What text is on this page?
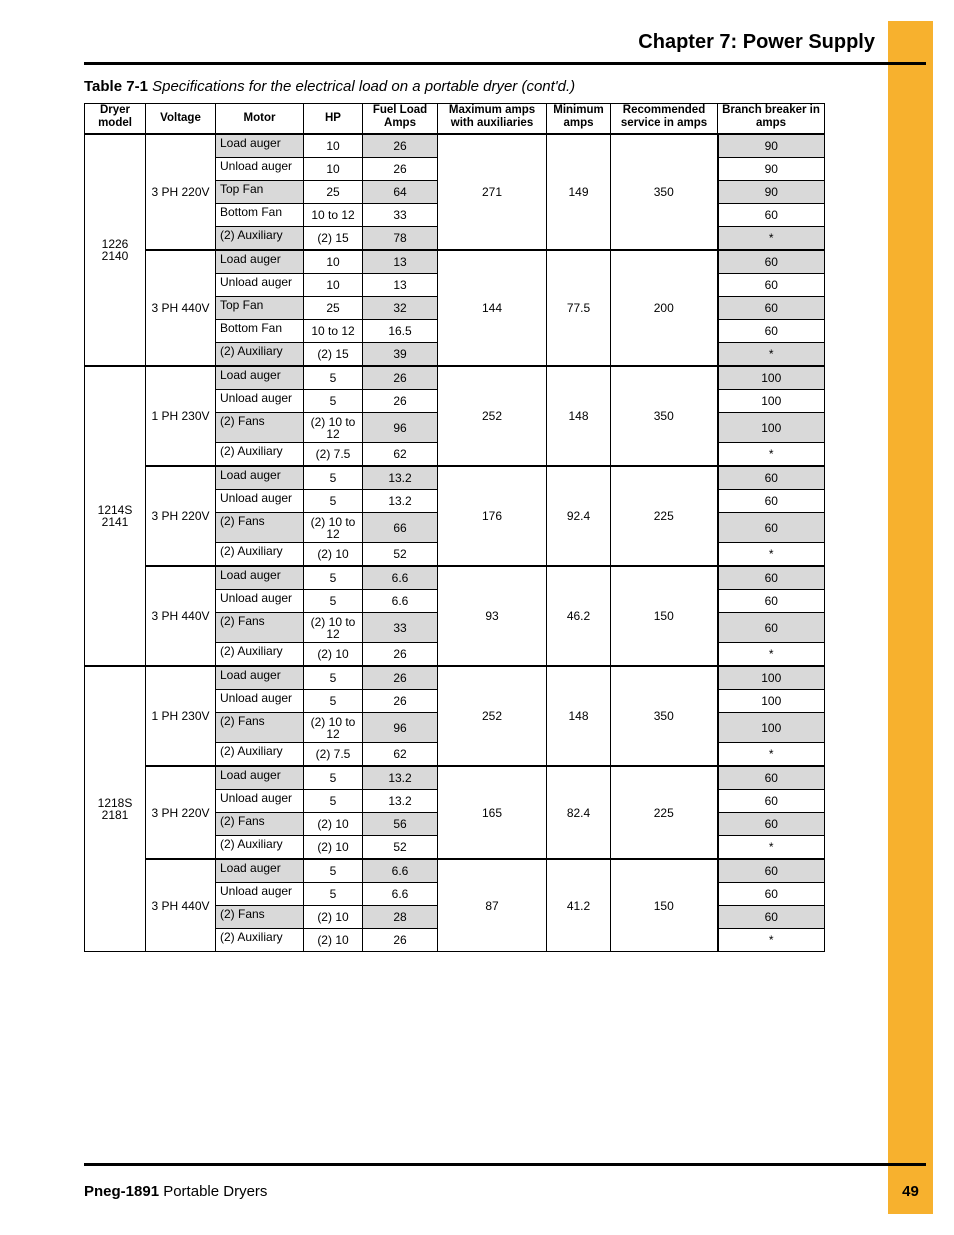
Chapter 7: Power Supply
Table 7-1 Specifications for the electrical load on a portable dryer (cont'd.)
Dryer model	Voltage	Motor	HP	Fuel Load Amps	Maximum amps with auxiliaries	Minimum amps	Recommended service in amps	Branch breaker in amps
1226
2140	3 PH 220V	Load auger	10	26	271	149	350	90
		Unload auger	10	26				90
		Top Fan	25	64				90
		Bottom Fan	10 to 12	33				60
		(2) Auxiliary	(2) 15	78				*
	3 PH 440V	Load auger	10	13	144	77.5	200	60
		Unload auger	10	13				60
		Top Fan	25	32				60
		Bottom Fan	10 to 12	16.5				60
		(2) Auxiliary	(2) 15	39				*
1214S
2141	1 PH 230V	Load auger	5	26	252	148	350	100
		Unload auger	5	26				100
		(2) Fans	(2) 10 to 12	96				100
		(2) Auxiliary	(2) 7.5	62				*
	3 PH 220V	Load auger	5	13.2	176	92.4	225	60
		Unload auger	5	13.2				60
		(2) Fans	(2) 10 to 12	66				60
		(2) Auxiliary	(2) 10	52				*
	3 PH 440V	Load auger	5	6.6	93	46.2	150	60
		Unload auger	5	6.6				60
		(2) Fans	(2) 10 to 12	33				60
		(2) Auxiliary	(2) 10	26				*
1218S
2181	1 PH 230V	Load auger	5	26	252	148	350	100
		Unload auger	5	26				100
		(2) Fans	(2) 10 to 12	96				100
		(2) Auxiliary	(2) 7.5	62				*
	3 PH 220V	Load auger	5	13.2	165	82.4	225	60
		Unload auger	5	13.2				60
		(2) Fans	(2) 10	56				60
		(2) Auxiliary	(2) 10	52				*
	3 PH 440V	Load auger	5	6.6	87	41.2	150	60
		Unload auger	5	6.6				60
		(2) Fans	(2) 10	28				60
		(2) Auxiliary	(2) 10	26				*
Pneg-1891 Portable Dryers	49
